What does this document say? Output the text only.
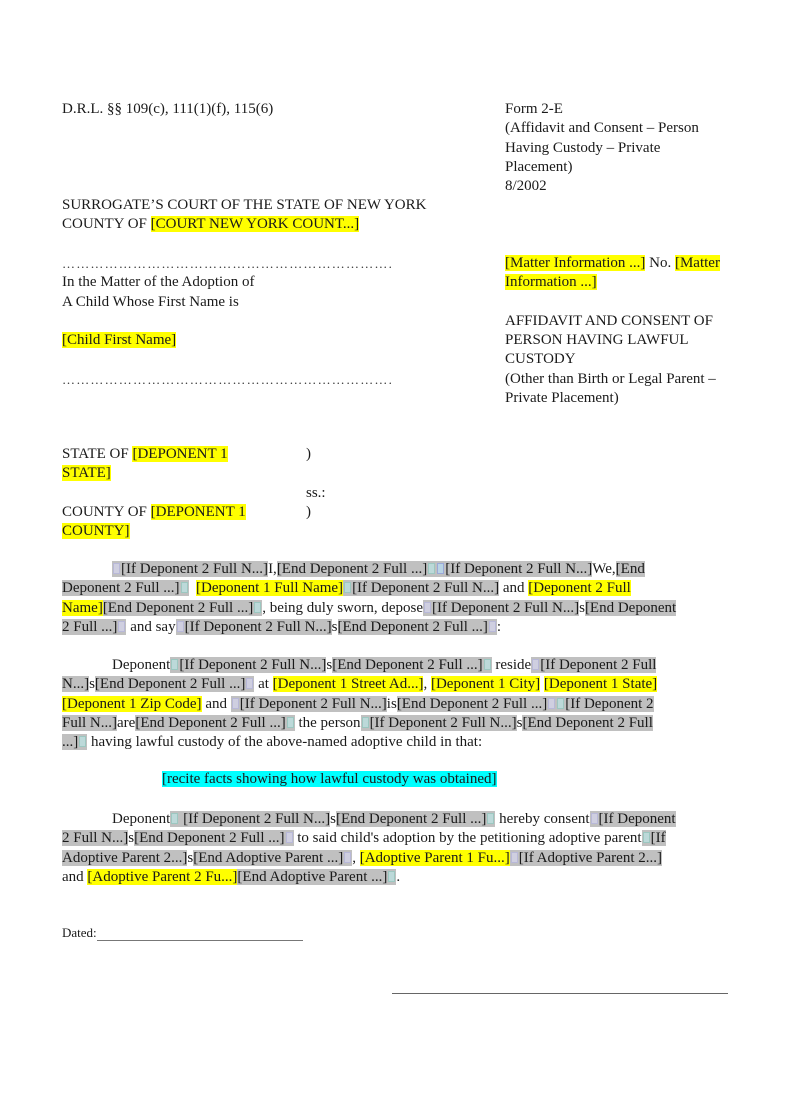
D.R.L. §§ 109(c), 111(1)(f), 115(6)	Form 2-E
(Affidavit and Consent – Person
Having Custody – Private
Placement)
8/2002
SURROGATE’S COURT OF THE STATE OF NEW YORK
COUNTY OF [COURT NEW YORK COUNT...]
…………………………………………………………….
In the Matter of the Adoption of
A Child Whose First Name is

[Child First Name]

…………………………………………………………….
[Matter Information ...] No. [Matter
Information ...]

AFFIDAVIT AND CONSENT OF
PERSON HAVING LAWFUL
CUSTODY
(Other than Birth or Legal Parent –
Private Placement)
STATE OF [DEPONENT 1
STATE]

COUNTY OF [DEPONENT 1
COUNTY]
)
ss.:
)
[If Deponent 2 Full N...]I,[End Deponent 2 Full ...] [If Deponent 2 Full N...]We,[End
Deponent 2 Full ...] [Deponent 1 Full Name] [If Deponent 2 Full N...] and [Deponent 2 Full
Name][End Deponent 2 Full ...] , being duly sworn, depose [If Deponent 2 Full N...]s[End Deponent
2 Full ...] and say [If Deponent 2 Full N...]s[End Deponent 2 Full ...] :
Deponent [If Deponent 2 Full N...]s[End Deponent 2 Full ...] reside [If Deponent 2 Full
N...]s[End Deponent 2 Full ...] at [Deponent 1 Street Ad...], [Deponent 1 City] [Deponent 1 State]
[Deponent 1 Zip Code] and [If Deponent 2 Full N...]is[End Deponent 2 Full ...] [If Deponent 2
Full N...]are[End Deponent 2 Full ...] the person [If Deponent 2 Full N...]s[End Deponent 2 Full
...] having lawful custody of the above-named adoptive child in that:
[recite facts showing how lawful custody was obtained]
Deponent [If Deponent 2 Full N...]s[End Deponent 2 Full ...] hereby consent [If Deponent
2 Full N...]s[End Deponent 2 Full ...] to said child's adoption by the petitioning adoptive parent [If
Adoptive Parent 2...]s[End Adoptive Parent ...] , [Adoptive Parent 1 Fu...] [If Adoptive Parent 2...]
and [Adoptive Parent 2 Fu...][End Adoptive Parent ...] .
Dated:
